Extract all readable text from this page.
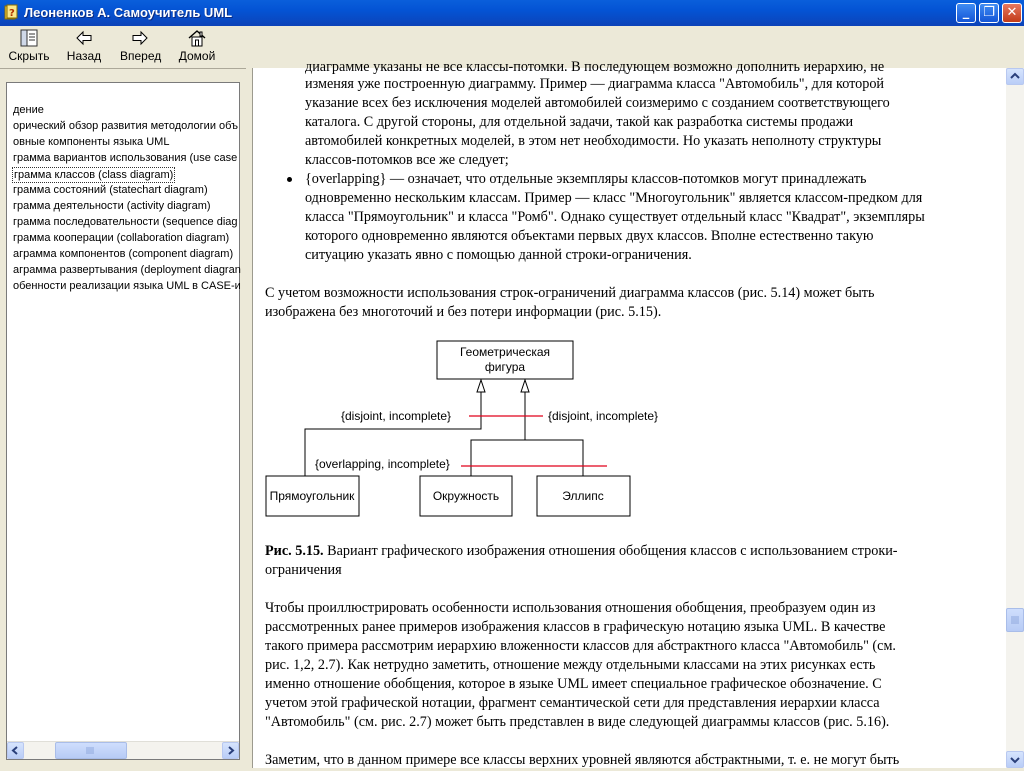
? Леоненков А. Самоучитель UML	_	❐ ✕
Скрыть Назад Вперед Домой
дение
орический обзор развития методологии объ
овные компоненты языка UML
грамма вариантов использования (use case
грамма классов (class diagram)
грамма состояний (statechart diagram)
грамма деятельности (activity diagram)
грамма последовательности (sequence diag
грамма кооперации (collaboration diagram)
аграмма компонентов (component diagram)
аграмма развертывания (deployment diagran
обенности реализации языка UML в CASE-и
диаграмме указаны не все классы-потомки. В последующем возможно дополнить иерархию, не
изменяя уже построенную диаграмму. Пример — диаграмма класса "Автомобиль", для которой
указание всех без исключения моделей автомобилей соизмеримо с созданием соответствующего
каталога. С другой стороны, для отдельной задачи, такой как разработка системы продажи
автомобилей конкретных моделей, в этом нет необходимости. Но указать неполноту структуры
классов-потомков все же следует;
{overlapping} — означает, что отдельные экземпляры классов-потомков могут принадлежать
одновременно нескольким классам. Пример — класс "Многоугольник" является классом-предком для
класса "Прямоугольник" и класса "Ромб". Однако существует отдельный класс "Квадрат", экземпляры
которого одновременно являются объектами первых двух классов. Вполне естественно такую
ситуацию указать явно с помощью данной строки-ограничения.
С учетом возможности использования строк-ограничений диаграмма классов (рис. 5.14) может быть
изображена без многоточий и без потери информации (рис. 5.15).
Геометрическая
фигура
{disjoint, incomplete}	{disjoint, incomplete}
{overlapping, incomplete}
Прямоугольник	Окружность	Эллипс
Рис. 5.15. Вариант графического изображения отношения обобщения классов с использованием строки-
ограничения
Чтобы проиллюстрировать особенности использования отношения обобщения, преобразуем один из
рассмотренных ранее примеров изображения классов в графическую нотацию языка UML. В качестве
такого примера рассмотрим иерархию вложенности классов для абстрактного класса "Автомобиль" (см.
рис. 1,2, 2.7). Как нетрудно заметить, отношение между отдельными классами на этих рисунках есть
именно отношение обобщения, которое в языке UML имеет специальное графическое обозначение. С
учетом этой графической нотации, фрагмент семантической сети для представления иерархии класса
"Автомобиль" (см. рис. 2.7) может быть представлен в виде следующей диаграммы классов (рис. 5.16).
Заметим, что в данном примере все классы верхних уровней являются абстрактными, т. е. не могут быть
